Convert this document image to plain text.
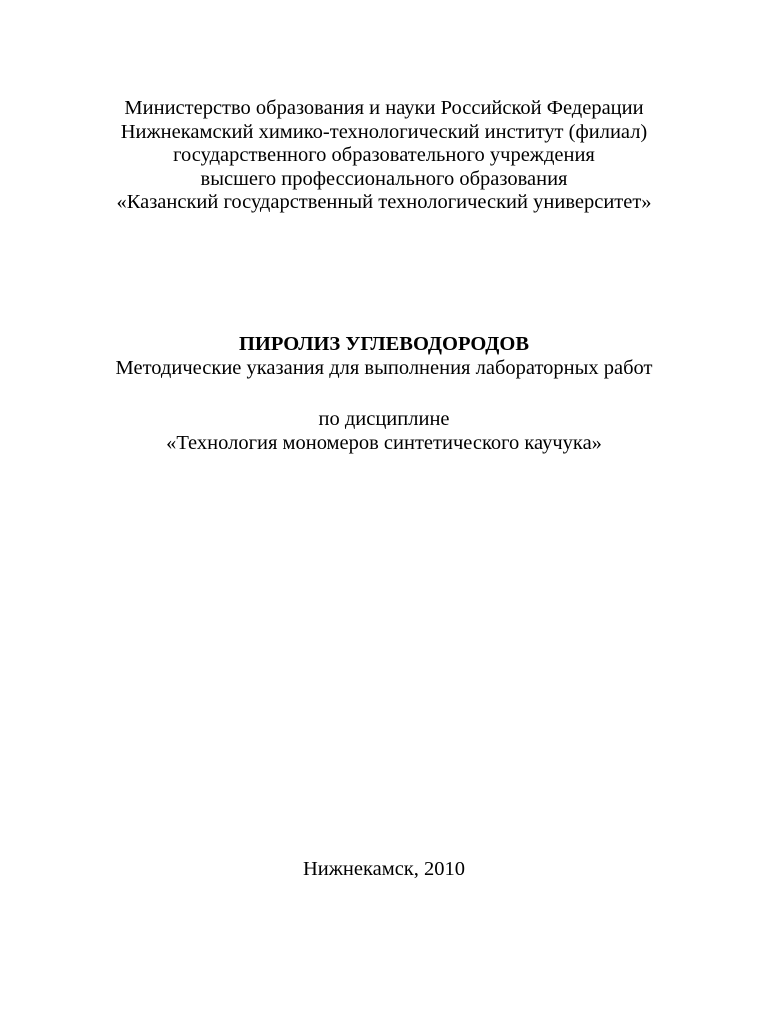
Министерство образования и науки Российской Федерации
Нижнекамский химико-технологический институт (филиал)
государственного образовательного учреждения
высшего профессионального образования
«Казанский государственный технологический университет»
ПИРОЛИЗ УГЛЕВОДОРОДОВ
Методические указания для выполнения лабораторных работ
по дисциплине
«Технология мономеров синтетического каучука»
Нижнекамск, 2010
